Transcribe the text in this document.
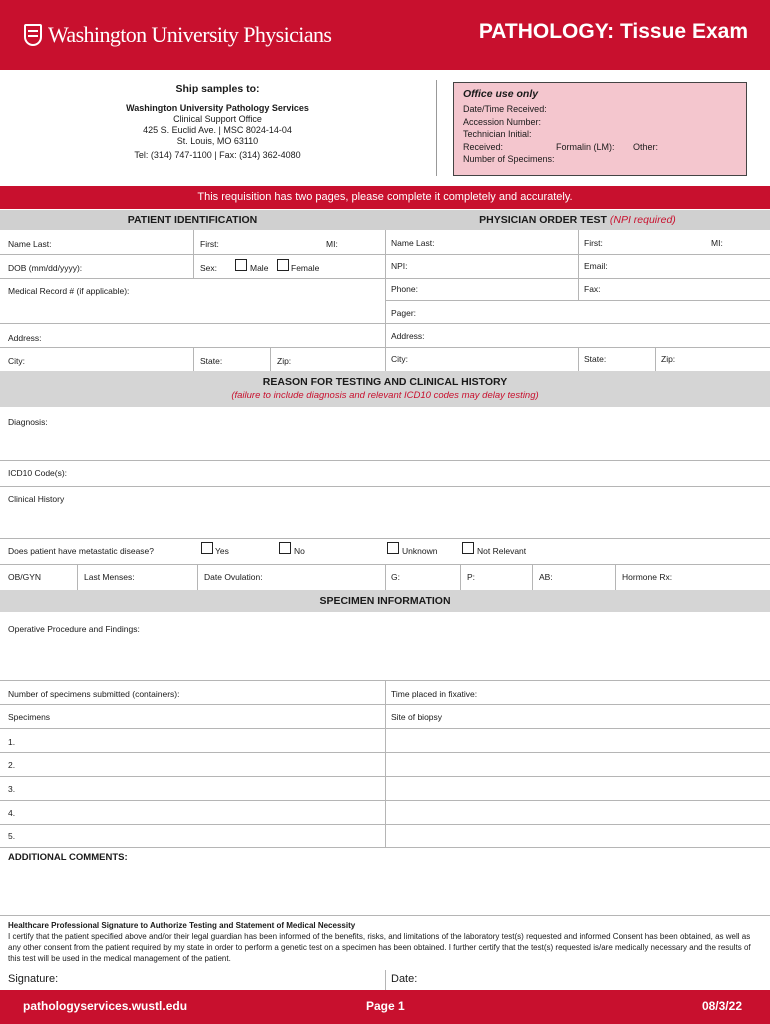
Washington University Physicians	PATHOLOGY: Tissue Exam
Ship samples to:
Washington University Pathology Services
Clinical Support Office
425 S. Euclid Ave. | MSC 8024-14-04
St. Louis, MO 63110
Tel: (314) 747-1100 | Fax: (314) 362-4080
Office use only
Date/Time Received:
Accession Number:
Technician Initial:
Received:	Formalin (LM):	Other:
Number of Specimens:
This requisition has two pages, please complete it completely and accurately.
PATIENT IDENTIFICATION	PHYSICIAN ORDER TEST (NPI required)
Name Last:	First:	MI:
DOB (mm/dd/yyyy):	Sex:	Male	Female
Medical Record # (if applicable):
Address:
City:	State:	Zip:
Name Last:	First:	MI:
NPI:	Email:
Phone:	Fax:
Pager:
Address:
City:	State:	Zip:
REASON FOR TESTING AND CLINICAL HISTORY
(failure to include diagnosis and relevant ICD10 codes may delay testing)
Diagnosis:
ICD10 Code(s):
Clinical History
Does patient have metastatic disease?	Yes	No	Unknown	Not Relevant
OB/GYN	Last Menses:	Date Ovulation:	G:	P:	AB:	Hormone Rx:
SPECIMEN INFORMATION
Operative Procedure and Findings:
Number of specimens submitted (containers):	Time placed in fixative:
Specimens	Site of biopsy
1.
2.
3.
4.
5.
ADDITIONAL COMMENTS:
Healthcare Professional Signature to Authorize Testing and Statement of Medical Necessity
I certify that the patient specified above and/or their legal guardian has been informed of the benefits, risks, and limitations of the laboratory test(s) requested and informed Consent has been obtained, as well as any other consent from the patient required by my state in order to perform a genetic test on a specimen has been obtained. I further certify that the test(s) requested is/are medically necessary and the results of this test will be used in the medical management of the patient.
Signature:	Date:
pathologyservices.wustl.edu	Page 1	08/3/22
